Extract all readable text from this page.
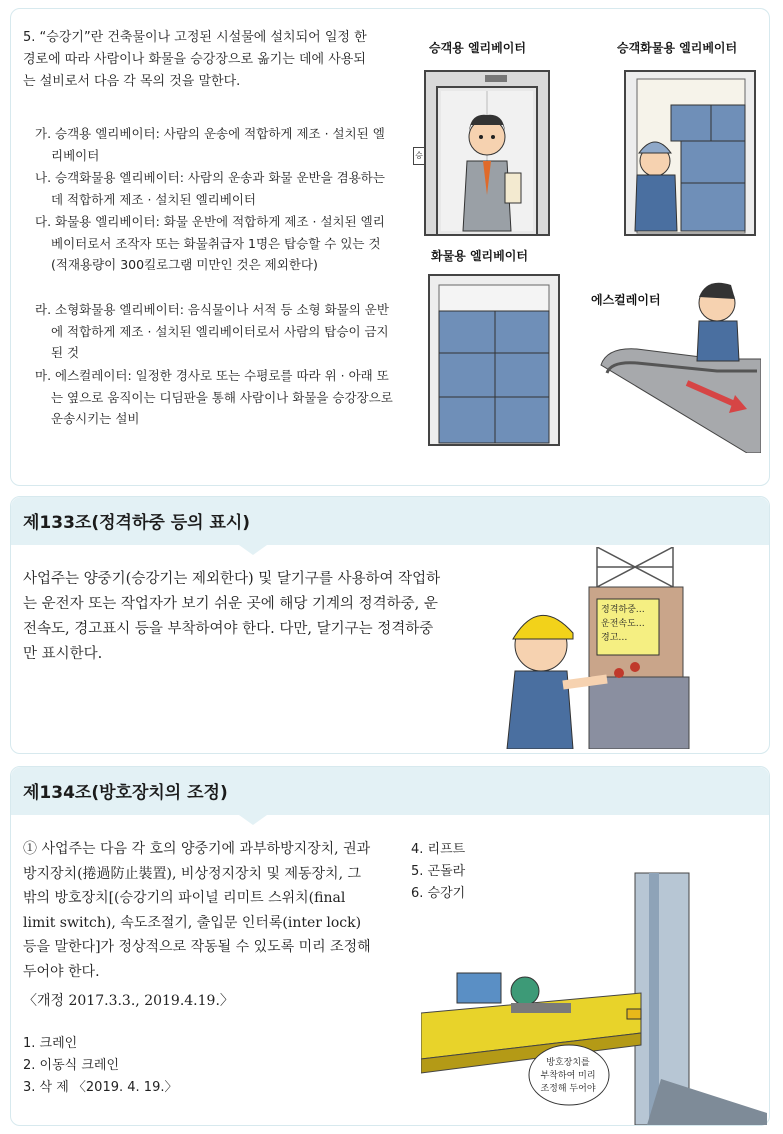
5. “승강기”란 건축물이나 고정된 시설물에 설치되어 일정 한 경로에 따라 사람이나 화물을 승강장으로 옮기는 데에 사용되는 설비로서 다음 각 목의 것을 말한다.
가. 승객용 엘리베이터: 사람의 운송에 적합하게 제조 · 설치된 엘리베이터
나. 승객화물용 엘리베이터: 사람의 운송과 화물 운반을 겸용하는데 적합하게 제조 · 설치된 엘리베이터
다. 화물용 엘리베이터: 화물 운반에 적합하게 제조 · 설치된 엘리베이터로서 조작자 또는 화물취급자 1명은 탑승할 수 있는 것(적재용량이 300킬로그램 미만인 것은 제외한다)
라. 소형화물용 엘리베이터: 음식물이나 서적 등 소형 화물의 운반에 적합하게 제조 · 설치된 엘리베이터로서 사람의 탑승이 금지된 것
마. 에스컬레이터: 일정한 경사로 또는 수평로를 따라 위 · 아래 또는 옆으로 움직이는 디딤판을 통해 사람이나 화물을 승강장으로 운송시키는 설비
승객용 엘리베이터	승객화물용 엘리베이터
화물용 엘리베이터
에스컬레이터
승
제133조(정격하중 등의 표시)
사업주는 양중기(승강기는 제외한다) 및 달기구를 사용하여 작업하는 운전자 또는 작업자가 보기 쉬운 곳에 해당 기계의 정격하중, 운전속도, 경고표시 등을 부착하여야 한다. 다만, 달기구는 정격하중만 표시한다.
정격하중…
운전속도…
경고…
제134조(방호장치의 조정)
① 사업주는 다음 각 호의 양중기에 과부하방지장치, 권과방지장치(捲過防止裝置), 비상정지장치 및 제동장치, 그 밖의 방호장치[(승강기의 파이널 리미트 스위치(final limit switch), 속도조절기, 출입문 인터록(inter lock) 등을 말한다]가 정상적으로 작동될 수 있도록 미리 조정해 두어야 한다.
〈개정 2017.3.3., 2019.4.19.〉
1. 크레인
2. 이동식 크레인
3. 삭 제 〈2019. 4. 19.〉
4. 리프트
5. 곤돌라
6. 승강기
방호장치를
부착하여 미리
조정해 두어야
